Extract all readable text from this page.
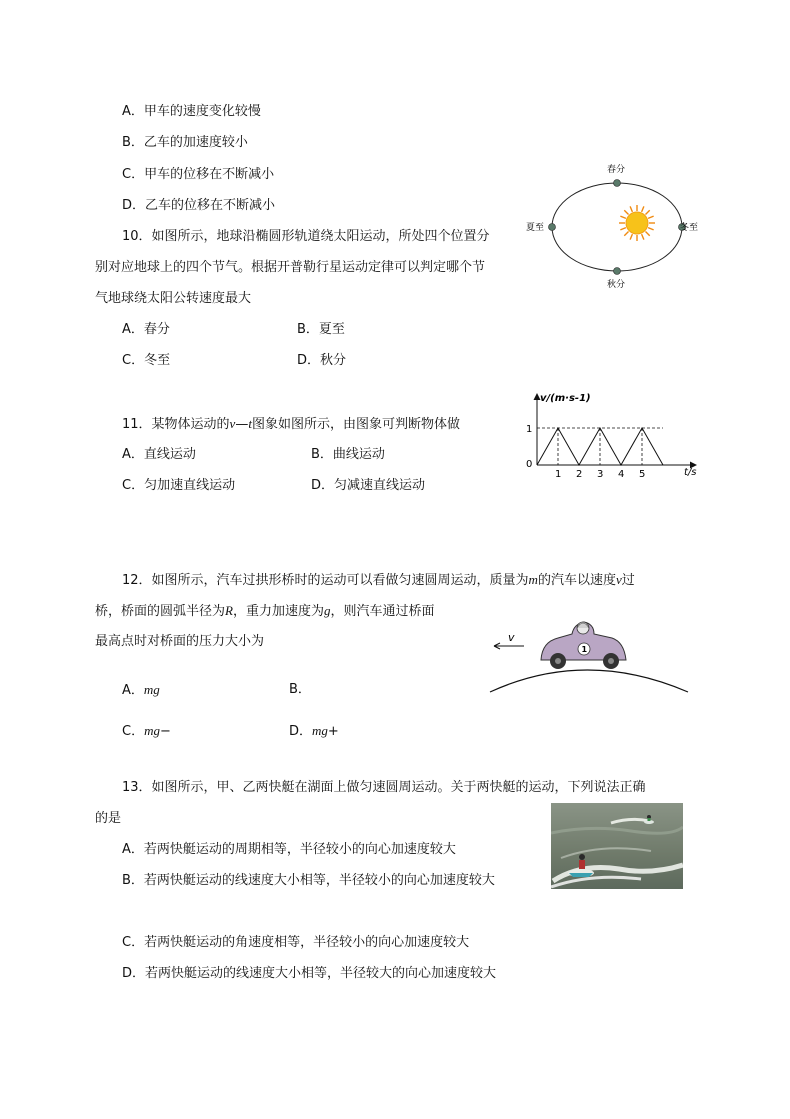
A．甲车的速度变化较慢
B．乙车的加速度较小
C．甲车的位移在不断减小
D．乙车的位移在不断减小
10．如图所示，地球沿椭圆形轨道绕太阳运动，所处四个位置分
别对应地球上的四个节气。根据开普勒行星运动定律可以判定哪个节
气地球绕太阳公转速度最大
A．春分	B．夏至
C．冬至	D．秋分
春分
夏至	冬至
秋分
11．某物体运动的v—t图象如图所示，由图象可判断物体做
A．直线运动	B．曲线运动
C．匀加速直线运动	D．匀减速直线运动
v/(m·s-1)
t/s
0
1
1 2 3 4 5
12．如图所示，汽车过拱形桥时的运动可以看做匀速圆周运动，质量为m的汽车以速度v过
桥，桥面的圆弧半径为R，重力加速度为g，则汽车通过桥面
最高点时对桥面的压力大小为
A．mg	B．
C．mg−	D．mg+
v
1
13．如图所示，甲、乙两快艇在湖面上做匀速圆周运动。关于两快艇的运动，下列说法正确
的是
A．若两快艇运动的周期相等，半径较小的向心加速度较大
B．若两快艇运动的线速度大小相等，半径较小的向心加速度较大
C．若两快艇运动的角速度相等，半径较小的向心加速度较大
D．若两快艇运动的线速度大小相等，半径较大的向心加速度较大
